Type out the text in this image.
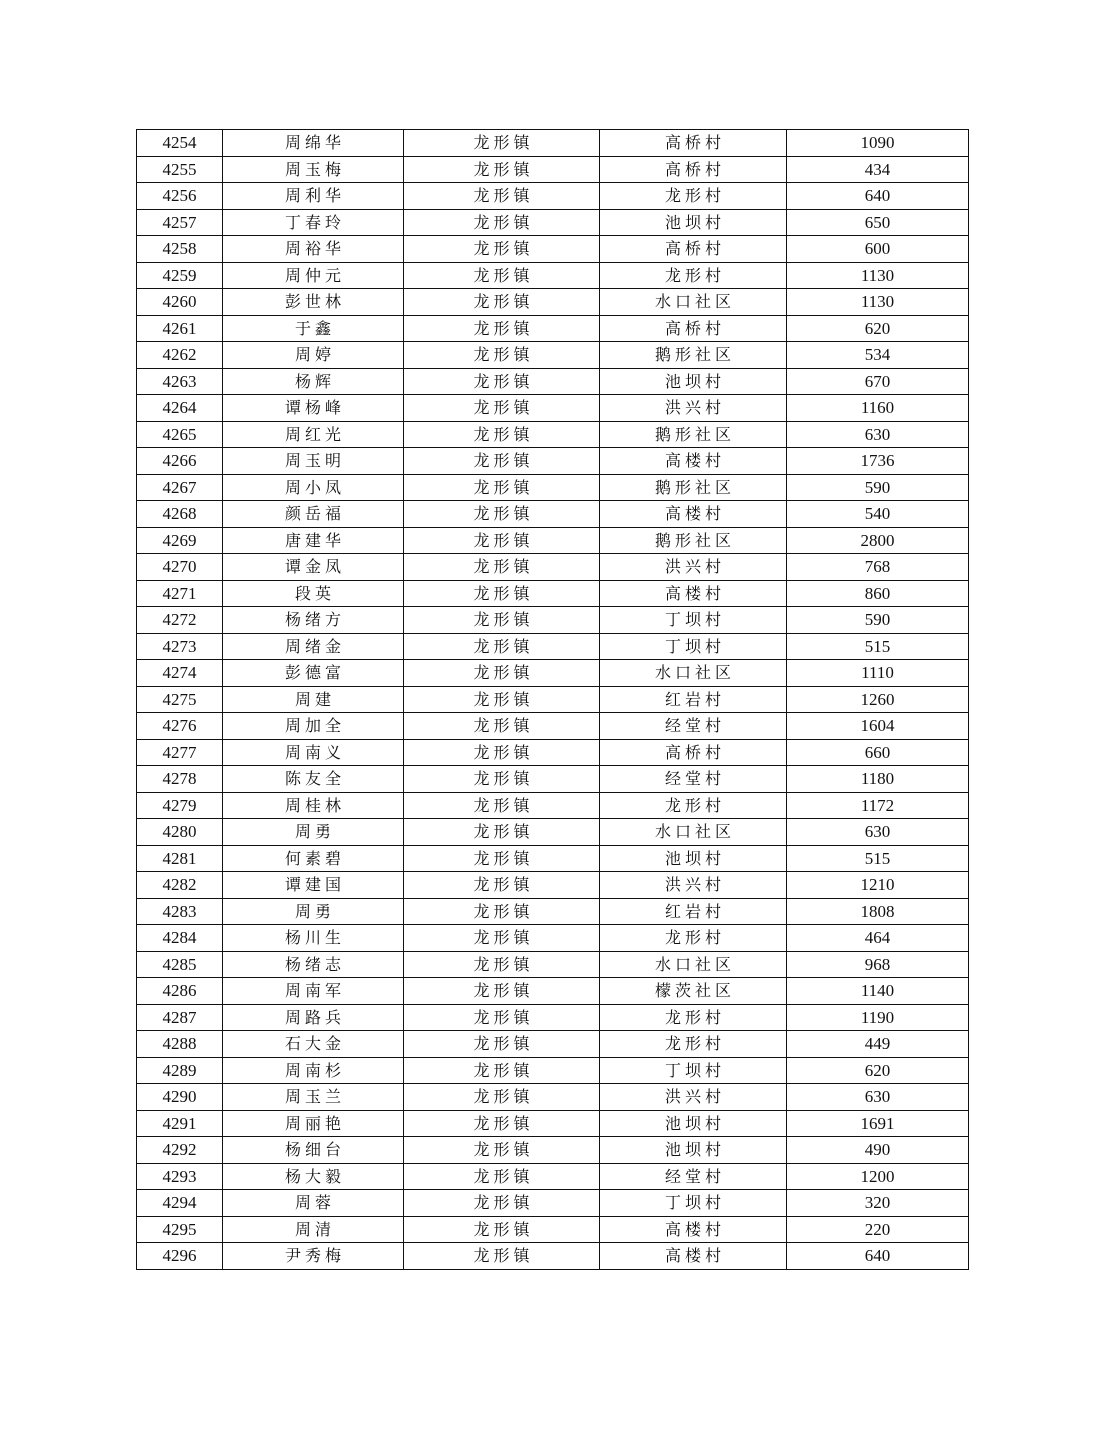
4254	周绵华	龙形镇	高桥村	1090
4255	周玉梅	龙形镇	高桥村	434
4256	周利华	龙形镇	龙形村	640
4257	丁春玲	龙形镇	池坝村	650
4258	周裕华	龙形镇	高桥村	600
4259	周仲元	龙形镇	龙形村	1130
4260	彭世林	龙形镇	水口社区	1130
4261	于鑫	龙形镇	高桥村	620
4262	周婷	龙形镇	鹅形社区	534
4263	杨辉	龙形镇	池坝村	670
4264	谭杨峰	龙形镇	洪兴村	1160
4265	周红光	龙形镇	鹅形社区	630
4266	周玉明	龙形镇	高楼村	1736
4267	周小凤	龙形镇	鹅形社区	590
4268	颜岳福	龙形镇	高楼村	540
4269	唐建华	龙形镇	鹅形社区	2800
4270	谭金凤	龙形镇	洪兴村	768
4271	段英	龙形镇	高楼村	860
4272	杨绪方	龙形镇	丁坝村	590
4273	周绪金	龙形镇	丁坝村	515
4274	彭德富	龙形镇	水口社区	1110
4275	周建	龙形镇	红岩村	1260
4276	周加全	龙形镇	经堂村	1604
4277	周南义	龙形镇	高桥村	660
4278	陈友全	龙形镇	经堂村	1180
4279	周桂林	龙形镇	龙形村	1172
4280	周勇	龙形镇	水口社区	630
4281	何素碧	龙形镇	池坝村	515
4282	谭建国	龙形镇	洪兴村	1210
4283	周勇	龙形镇	红岩村	1808
4284	杨川生	龙形镇	龙形村	464
4285	杨绪志	龙形镇	水口社区	968
4286	周南军	龙形镇	檬茨社区	1140
4287	周路兵	龙形镇	龙形村	1190
4288	石大金	龙形镇	龙形村	449
4289	周南杉	龙形镇	丁坝村	620
4290	周玉兰	龙形镇	洪兴村	630
4291	周丽艳	龙形镇	池坝村	1691
4292	杨细台	龙形镇	池坝村	490
4293	杨大毅	龙形镇	经堂村	1200
4294	周蓉	龙形镇	丁坝村	320
4295	周清	龙形镇	高楼村	220
4296	尹秀梅	龙形镇	高楼村	640
